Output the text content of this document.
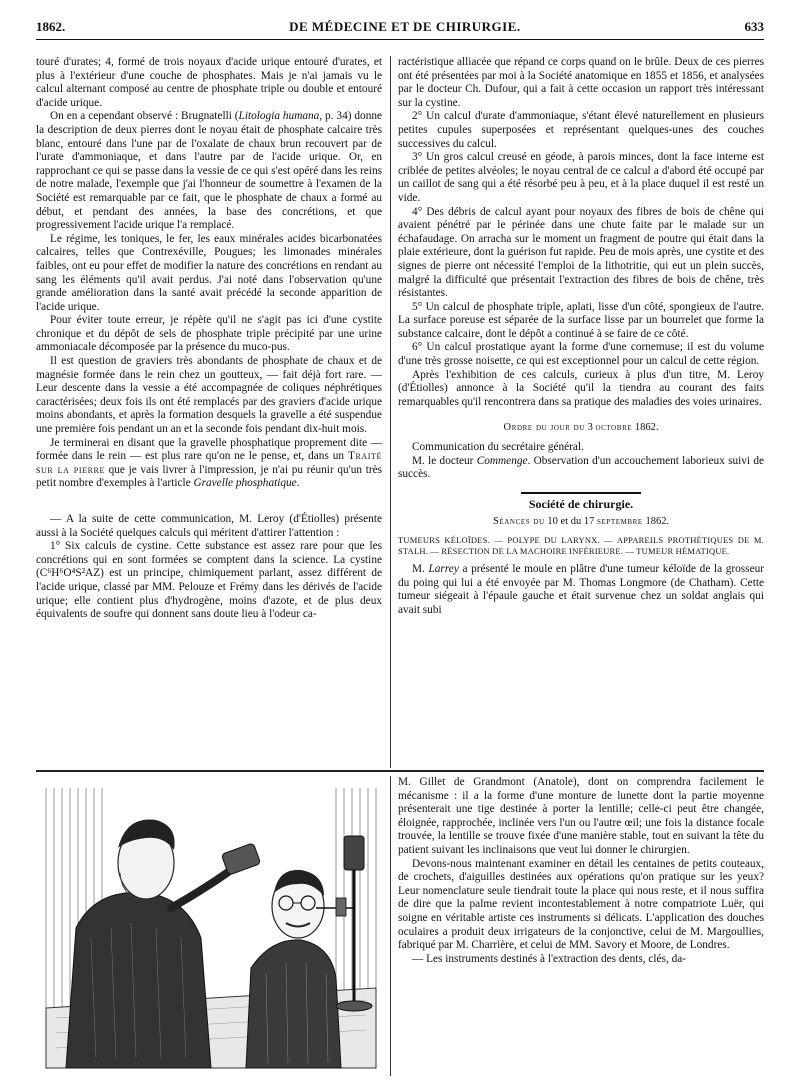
1862.	DE MÉDECINE ET DE CHIRURGIE.	633

touré d'urates; 4, formé de trois noyaux d'acide urique entouré d'urates, et plus à l'extérieur d'une couche de phosphates. Mais je n'ai jamais vu le calcul alternant composé au centre de phosphate triple ou double et entouré d'acide urique.

On en a cependant observé : Brugnatelli (Litologia humana, p. 34) donne la description de deux pierres dont le noyau était de phosphate calcaire très blanc, entouré dans l'une par de l'oxalate de chaux brun recouvert par de l'urate d'ammoniaque, et dans l'autre par de l'acide urique. Or, en rapprochant ce qui se passe dans la vessie de ce qui s'est opéré dans les reins de notre malade, l'exemple que j'ai l'honneur de soumettre à l'examen de la Société est remarquable par ce fait, que le phosphate de chaux a formé au début, et pendant des années, la base des concrétions, et que progressivement l'acide urique l'a remplacé.

Le régime, les toniques, le fer, les eaux minérales acides bicarbonatées calcaires, telles que Contrexéville, Pougues; les limonades minérales faibles, ont eu pour effet de modifier la nature des concrétions en rendant au sang les éléments qu'il avait perdus. J'ai noté dans l'observation qu'une grande amélioration dans la santé avait précédé la seconde apparition de l'acide urique.

Pour éviter toute erreur, je répète qu'il ne s'agit pas ici d'une cystite chronique et du dépôt de sels de phosphate triple précipité par une urine ammoniacale décomposée par la présence du muco-pus.

Il est question de graviers très abondants de phosphate de chaux et de magnésie formée dans le rein chez un goutteux, — fait déjà fort rare. — Leur descente dans la vessie a été accompagnée de coliques néphrétiques caractérisées; deux fois ils ont été remplacés par des graviers d'acide urique moins abondants, et après la formation desquels la gravelle a été suspendue une première fois pendant un an et la seconde fois pendant dix-huit mois.

Je terminerai en disant que la gravelle phosphatique proprement dite — formée dans le rein — est plus rare qu'on ne le pense, et, dans un Traité sur la pierre que je vais livrer à l'impression, je n'ai pu réunir qu'un très petit nombre d'exemples à l'article Gravelle phosphatique.

— A la suite de cette communication, M. Leroy (d'Étiolles) présente aussi à la Société quelques calculs qui méritent d'attirer l'attention :

1° Six calculs de cystine. Cette substance est assez rare pour que les concrétions qui en sont formées se comptent dans la science. La cystine (C⁶H⁶O⁴S²AZ) est un principe, chimiquement parlant, assez différent de l'acide urique, classé par MM. Pelouze et Frémy dans les dérivés de l'acide urique; elle contient plus d'hydrogène, moins d'azote, et de plus deux équivalents de soufre qui donnent sans doute lieu à l'odeur ca-

ractéristique alliacée que répand ce corps quand on le brûle. Deux de ces pierres ont été présentées par moi à la Société anatomique en 1855 et 1856, et analysées par le docteur Ch. Dufour, qui a fait à cette occasion un rapport très intéressant sur la cystine.

2° Un calcul d'urate d'ammoniaque, s'étant élevé naturellement en plusieurs petites cupules superposées et représentant quelques-unes des couches successives du calcul.

3° Un gros calcul creusé en géode, à parois minces, dont la face interne est criblée de petites alvéoles; le noyau central de ce calcul a d'abord été occupé par un caillot de sang qui a été résorbé peu à peu, et à la place duquel il est resté un vide.

4° Des débris de calcul ayant pour noyaux des fibres de bois de chêne qui avaient pénétré par le périnée dans une chute faite par le malade sur un échafaudage. On arracha sur le moment un fragment de poutre qui était dans la plaie extérieure, dont la guérison fut rapide. Peu de mois après, une cystite et des signes de pierre ont nécessité l'emploi de la lithotritie, qui eut un plein succès, malgré la difficulté que présentait l'extraction des fibres de bois de chêne, très résistantes.

5° Un calcul de phosphate triple, aplati, lisse d'un côté, spongieux de l'autre. La surface poreuse est séparée de la surface lisse par un bourrelet que forme la substance calcaire, dont le dépôt a continué à se faire de ce côté.

6° Un calcul prostatique ayant la forme d'une cornemuse; il est du volume d'une très grosse noisette, ce qui est exceptionnel pour un calcul de cette région.

Après l'exhibition de ces calculs, curieux à plus d'un titre, M. Leroy (d'Étiolles) annonce à la Société qu'il la tiendra au courant des faits remarquables qu'il rencontrera dans sa pratique des maladies des voies urinaires.

Ordre du jour du 3 octobre 1862.

Communication du secrétaire général.

M. le docteur Commenge. Observation d'un accouchement laborieux suivi de succès.

Société de chirurgie.

Séances du 10 et du 17 septembre 1862.

TUMEURS KÉLOÏDES. — POLYPE DU LARYNX. — APPAREILS PROTHÉTIQUES DE M. STALH. — RÉSECTION DE LA MACHOIRE INFÉRIEURE. — TUMEUR HÉMATIQUE.

M. Larrey a présenté le moule en plâtre d'une tumeur kéloïde de la grosseur du poing qui lui a été envoyée par M. Thomas Longmore (de Chatham). Cette tumeur siégeait à l'épaule gauche et était survenue chez un soldat anglais qui avait subi

M. Gillet de Grandmont (Anatole), dont on comprendra facilement le mécanisme : il a la forme d'une monture de lunette dont la partie moyenne présenterait une tige destinée à porter la lentille; celle-ci peut être changée, éloignée, rapprochée, inclinée vers l'un ou l'autre œil; une fois la distance focale trouvée, la lentille se trouve fixée d'une manière stable, tout en suivant la tête du patient suivant les inclinaisons que veut lui donner le chirurgien.

Devons-nous maintenant examiner en détail les centaines de petits couteaux, de crochets, d'aiguilles destinées aux opérations qu'on pratique sur les yeux? Leur nomenclature seule tiendrait toute la place qui nous reste, et il nous suffira de dire que la palme revient incontestablement à notre compatriote Luër, qui soigne en véritable artiste ces instruments si délicats. L'application des douches oculaires a produit deux irrigateurs de la conjonctive, celui de M. Margoullies, fabriqué par M. Charrière, et celui de MM. Savory et Moore, de Londres.

— Les instruments destinés à l'extraction des dents, clés, da-
